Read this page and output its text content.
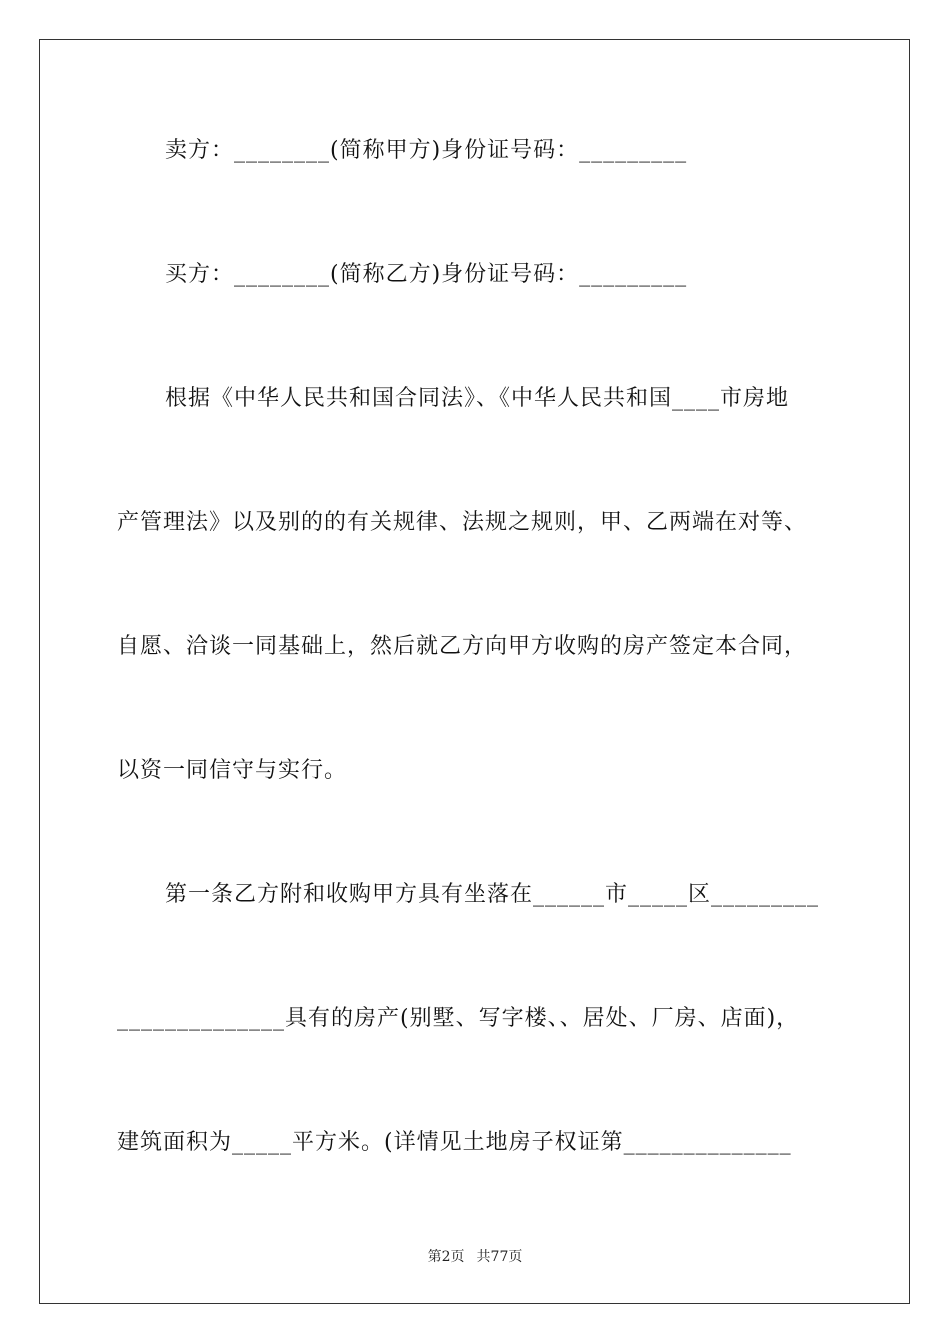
卖方：________(简称甲方)身份证号码：_________
买方：________(简称乙方)身份证号码：_________
根据《中华人民共和国合同法》、《中华人民共和国____市房地
产管理法》以及别的的有关规律、法规之规则，甲、乙两端在对等、
自愿、洽谈一同基础上，然后就乙方向甲方收购的房产签定本合同，
以资一同信守与实行。
第一条乙方附和收购甲方具有坐落在______市_____区_________
______________具有的房产(别墅、写字楼、、居处、厂房、店面)，
建筑面积为_____平方米。(详情见土地房子权证第______________
第2页 共77页
